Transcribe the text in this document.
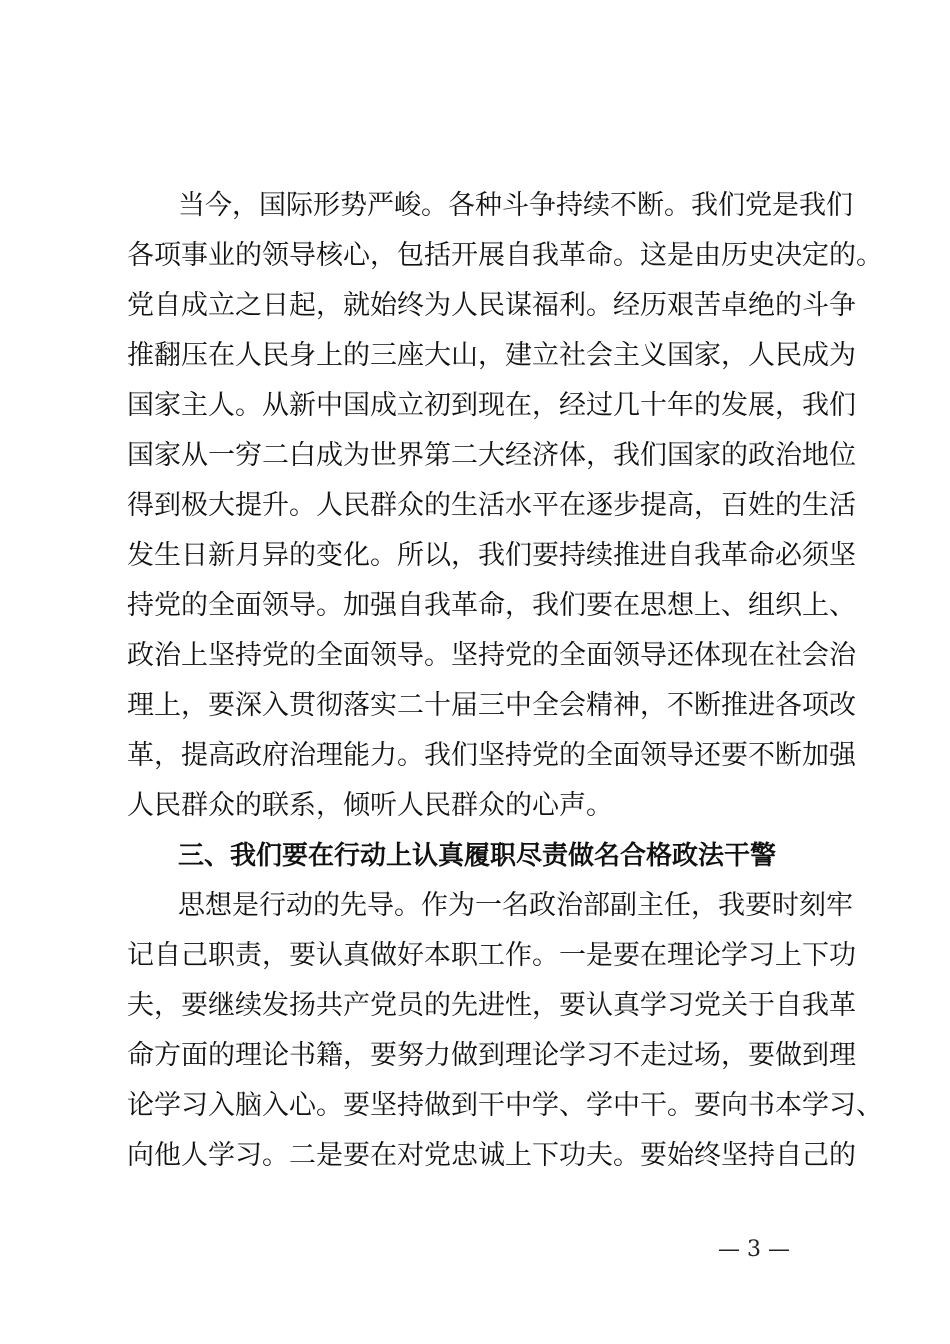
当今，国际形势严峻。各种斗争持续不断。我们党是我们
各项事业的领导核心，包括开展自我革命。这是由历史决定的。
党自成立之日起，就始终为人民谋福利。经历艰苦卓绝的斗争
推翻压在人民身上的三座大山，建立社会主义国家，人民成为
国家主人。从新中国成立初到现在，经过几十年的发展，我们
国家从一穷二白成为世界第二大经济体，我们国家的政治地位
得到极大提升。人民群众的生活水平在逐步提高，百姓的生活
发生日新月异的变化。所以，我们要持续推进自我革命必须坚
持党的全面领导。加强自我革命，我们要在思想上、组织上、
政治上坚持党的全面领导。坚持党的全面领导还体现在社会治
理上，要深入贯彻落实二十届三中全会精神，不断推进各项改
革，提高政府治理能力。我们坚持党的全面领导还要不断加强
人民群众的联系，倾听人民群众的心声。
三、我们要在行动上认真履职尽责做名合格政法干警
思想是行动的先导。作为一名政治部副主任，我要时刻牢
记自己职责，要认真做好本职工作。一是要在理论学习上下功
夫，要继续发扬共产党员的先进性，要认真学习党关于自我革
命方面的理论书籍，要努力做到理论学习不走过场，要做到理
论学习入脑入心。要坚持做到干中学、学中干。要向书本学习、
向他人学习。二是要在对党忠诚上下功夫。要始终坚持自己的
— 3 —
